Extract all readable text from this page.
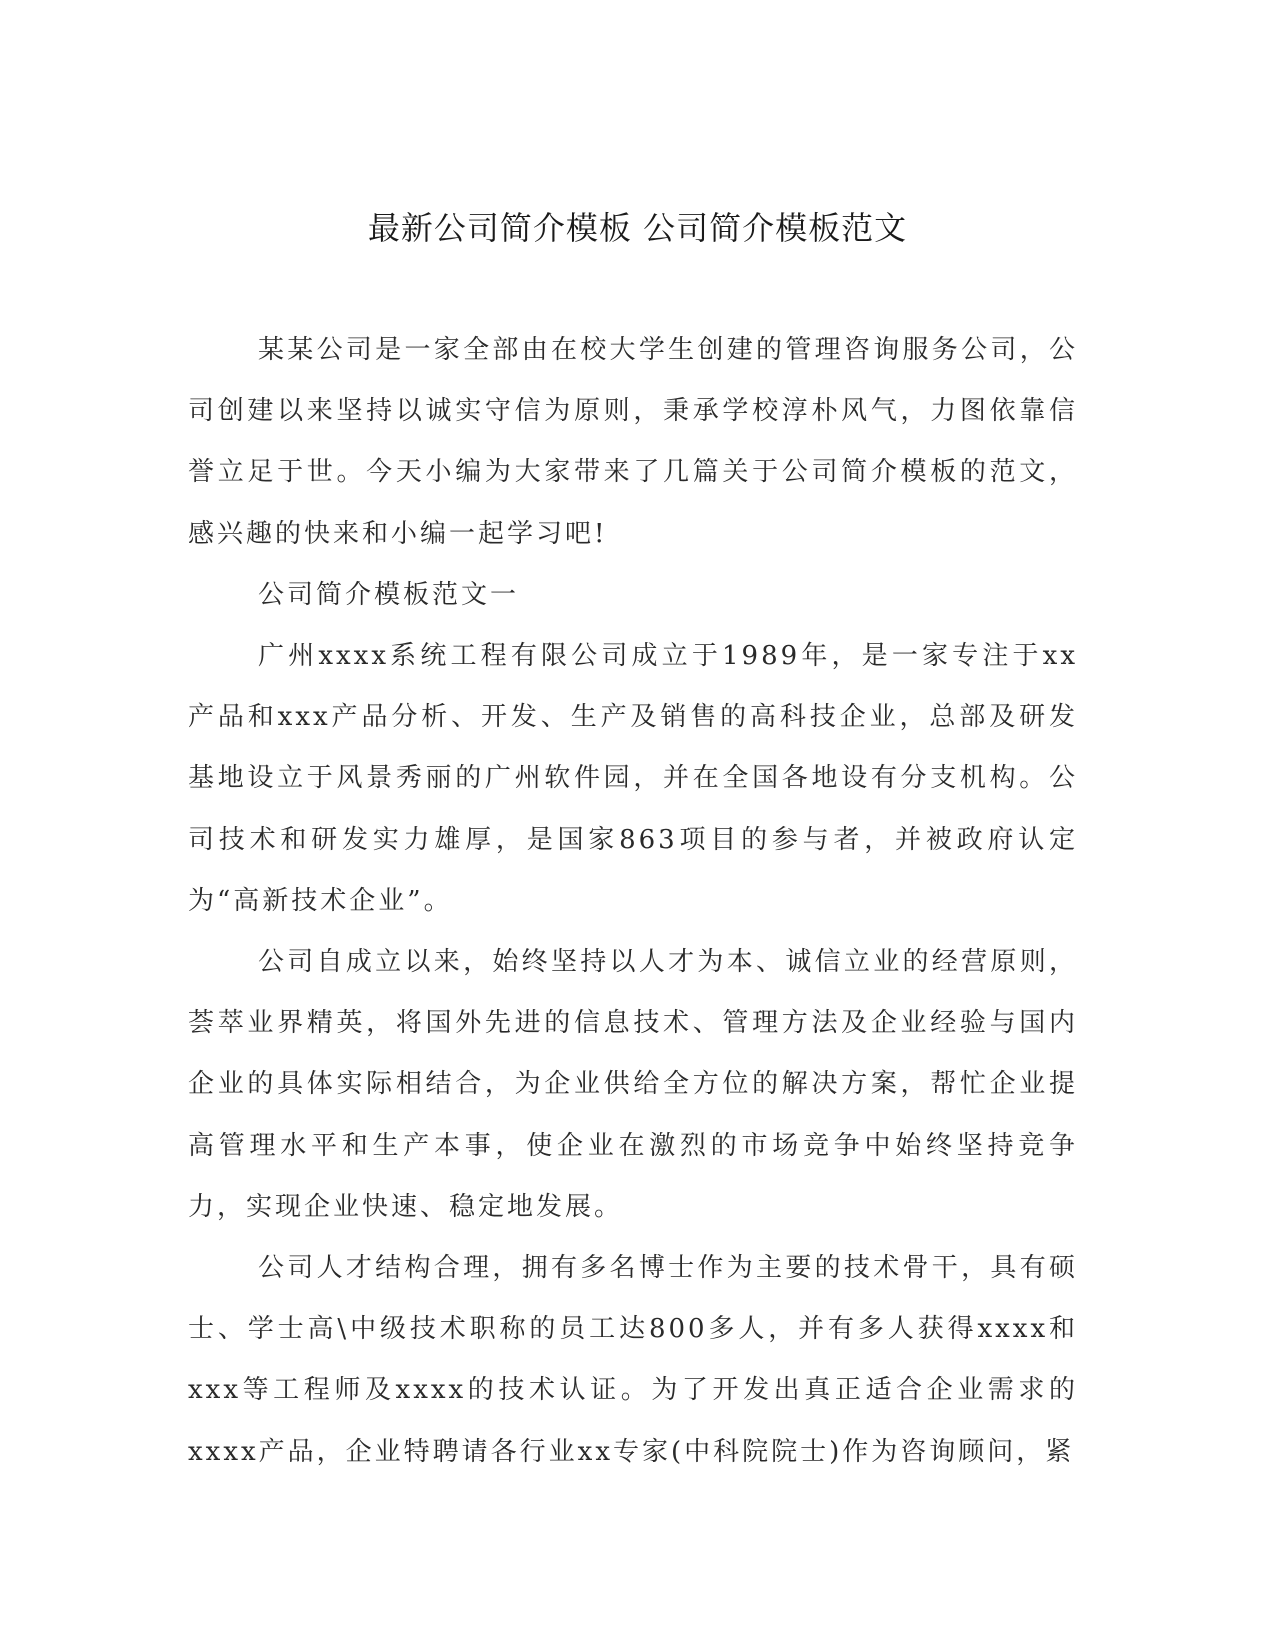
最新公司简介模板 公司简介模板范文

某某公司是一家全部由在校大学生创建的管理咨询服务公司，公司创建以来坚持以诚实守信为原则，秉承学校淳朴风气，力图依靠信誉立足于世。今天小编为大家带来了几篇关于公司简介模板的范文，感兴趣的快来和小编一起学习吧!

公司简介模板范文一

广州xxxx系统工程有限公司成立于1989年，是一家专注于xx产品和xxx产品分析、开发、生产及销售的高科技企业，总部及研发基地设立于风景秀丽的广州软件园，并在全国各地设有分支机构。公司技术和研发实力雄厚，是国家863项目的参与者，并被政府认定为“高新技术企业”。

公司自成立以来，始终坚持以人才为本、诚信立业的经营原则，荟萃业界精英，将国外先进的信息技术、管理方法及企业经验与国内企业的具体实际相结合，为企业供给全方位的解决方案，帮忙企业提高管理水平和生产本事，使企业在激烈的市场竞争中始终坚持竞争力，实现企业快速、稳定地发展。

公司人才结构合理，拥有多名博士作为主要的技术骨干，具有硕士、学士高\中级技术职称的员工达800多人，并有多人获得xxxx和xxx等工程师及xxxx的技术认证。为了开发出真正适合企业需求的xxxx产品，企业特聘请各行业xx专家(中科院院士)作为咨询顾问，紧
